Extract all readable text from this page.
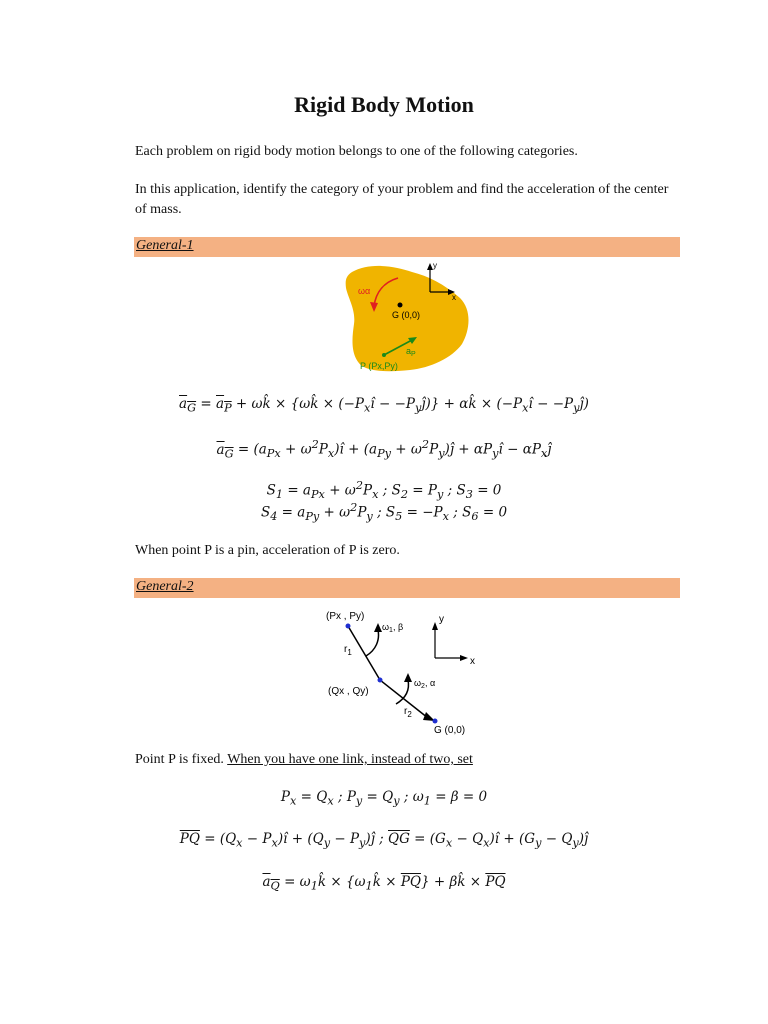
Rigid Body Motion
Each problem on rigid body motion belongs to one of the following categories.
In this application, identify the category of your problem and find the acceleration of the center of mass.
General-1
ωα
G (0,0)
$a_P$
P (Px,Py)
y
x
$a_G = a_P$ + ωk̂ × {ωk̂ × ($-P_xî$ − $-P_yĵ$)} + αk̂ × ($-P_xî$ − $-P_yĵ$)
$a_G = (a_{Px}$ + $\omega^2P_x)î + (a_{Py}$ + $\omega^2P_y)ĵ$ + $\alpha P_yî$ − $\alpha P_xĵ$
$S_1 = a_{Px} + \omega^2P_x$ ; $S_2 = P_y$ ; $S_3 = 0$
$S_4 = a_{Py} + \omega^2P_y$ ; $S_5 = -P_x$ ; $S_6 = 0$
When point P is a pin, acceleration of P is zero.
General-2
(Px , Py)
(Qx , Qy)
G (0,0)
$r_1$
$r_2$
$\omega_1$, β
$\omega_2$, α
y
x
Point P is fixed. When you have one link, instead of two, set
$P_x = Q_x$ ; $P_y = Q_y$ ; $\omega_1 = \beta = 0$
$\overline{PQ} = (Q_x$ − $P_x)î + (Q_y$ − $P_y)ĵ$ ; $\overline{QG} = (G_x$ − $Q_x)î + (G_y$ − $Q_y)ĵ$
$a_Q$ = $\omega_1k̂$ × $\{\omega_1k̂ \times \overline{PQ}\}$ + βk̂ × $\overline{PQ}$
